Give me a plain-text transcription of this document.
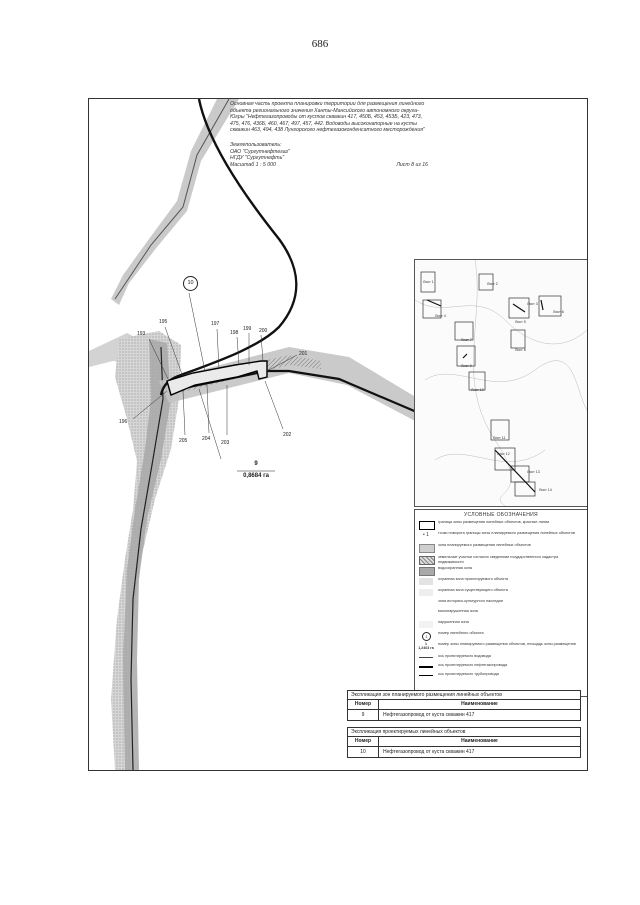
686
Основная часть проекта планировки территории для размещения линейного объекта регионального значения Ханты-Мансийского автономного округа-Югры "Нефтегазопроводы от кустов скважин 417, 450Б, 453, 453Б, 423, 473, 475, 476, 436Б, 460, 467, 497, 457, 442. Водоводы высоконапорные на кусты скважин 463, 494, 438 Лунгорского нефтегазоконденсатного месторождения"
Землепользователь:
ОАО "Сургутнефтегаз"
НГДУ "Сургутнефть"
Масштаб 1 : 5 000	Лист 8 из 16
10
193
195	197
198
199 200
201
202
203
204
205
196
9
0,8684 га
Лист 1	Лист 2
Лист 3
Лист 4
Лист 5
Лист 6
Лист 7
Лист 8
Лист 9
Лист 10
Лист 11
Лист 12
Лист 13
Лист 14
УСЛОВНЫЕ ОБОЗНАЧЕНИЯ
граница зоны размещения линейных объектов, красные линии
• 1	точки поворота границы зоны планируемого размещения линейных объектов
зона планируемого размещения линейных объектов
земельные участки согласно сведениям государственного кадастра недвижимости
водоохранная зона
охранная зона проектируемого объекта
охранная зона существующего объекта
зона историко-культурного наследия
малонарушенная зона
нарушенная зона
1
номер линейного объекта
1
1,2403 га
номер зоны планируемого размещения объектов, площадь зоны размещения
ось проектируемого водовода
ось проектируемого нефтегазопровода
ось проектируемого трубопровода
Экспликация зон планируемого размещения линейных объектов
Номер	Наименование
9	Нефтегазопровод от куста скважин 417
Экспликация проектируемых линейных объектов
Номер	Наименование
10	Нефтегазопровод от куста скважин 417
